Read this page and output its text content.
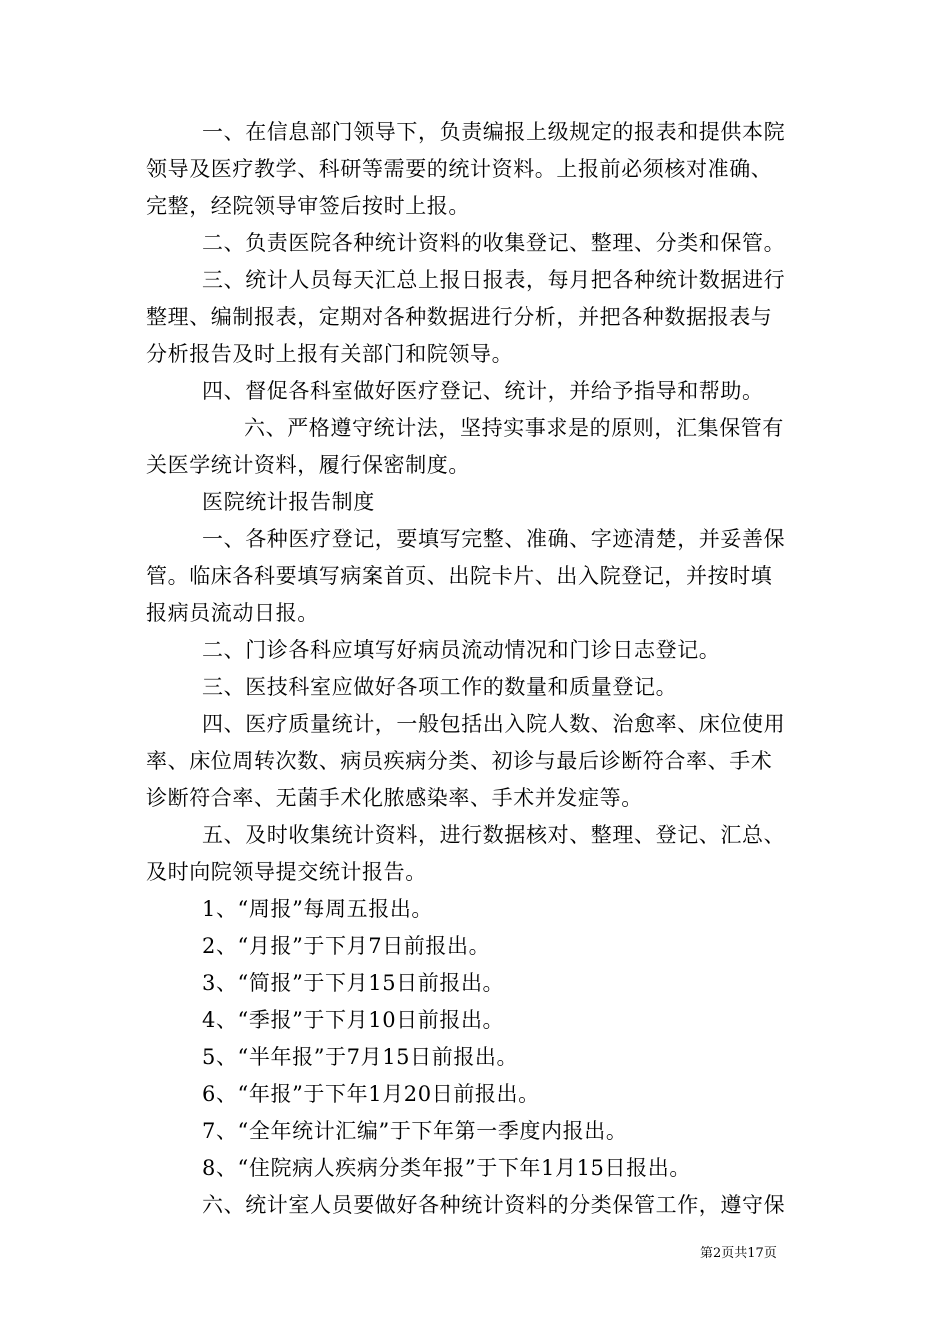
一、在信息部门领导下，负责编报上级规定的报表和提供本院
领导及医疗教学、科研等需要的统计资料。上报前必须核对准确、
完整，经院领导审签后按时上报。
二、负责医院各种统计资料的收集登记、整理、分类和保管。
三、统计人员每天汇总上报日报表，每月把各种统计数据进行
整理、编制报表，定期对各种数据进行分析，并把各种数据报表与
分析报告及时上报有关部门和院领导。
四、督促各科室做好医疗登记、统计，并给予指导和帮助。
六、严格遵守统计法，坚持实事求是的原则，汇集保管有
关医学统计资料，履行保密制度。
医院统计报告制度
一、各种医疗登记，要填写完整、准确、字迹清楚，并妥善保
管。临床各科要填写病案首页、出院卡片、出入院登记，并按时填
报病员流动日报。
二、门诊各科应填写好病员流动情况和门诊日志登记。
三、医技科室应做好各项工作的数量和质量登记。
四、医疗质量统计，一般包括出入院人数、治愈率、床位使用
率、床位周转次数、病员疾病分类、初诊与最后诊断符合率、手术
诊断符合率、无菌手术化脓感染率、手术并发症等。
五、及时收集统计资料，进行数据核对、整理、登记、汇总、
及时向院领导提交统计报告。
1、“周报”每周五报出。
2、“月报”于下月7日前报出。
3、“简报”于下月15日前报出。
4、“季报”于下月10日前报出。
5、“半年报”于7月15日前报出。
6、“年报”于下年1月20日前报出。
7、“全年统计汇编”于下年第一季度内报出。
8、“住院病人疾病分类年报”于下年1月15日报出。
六、统计室人员要做好各种统计资料的分类保管工作，遵守保
第2页共17页
